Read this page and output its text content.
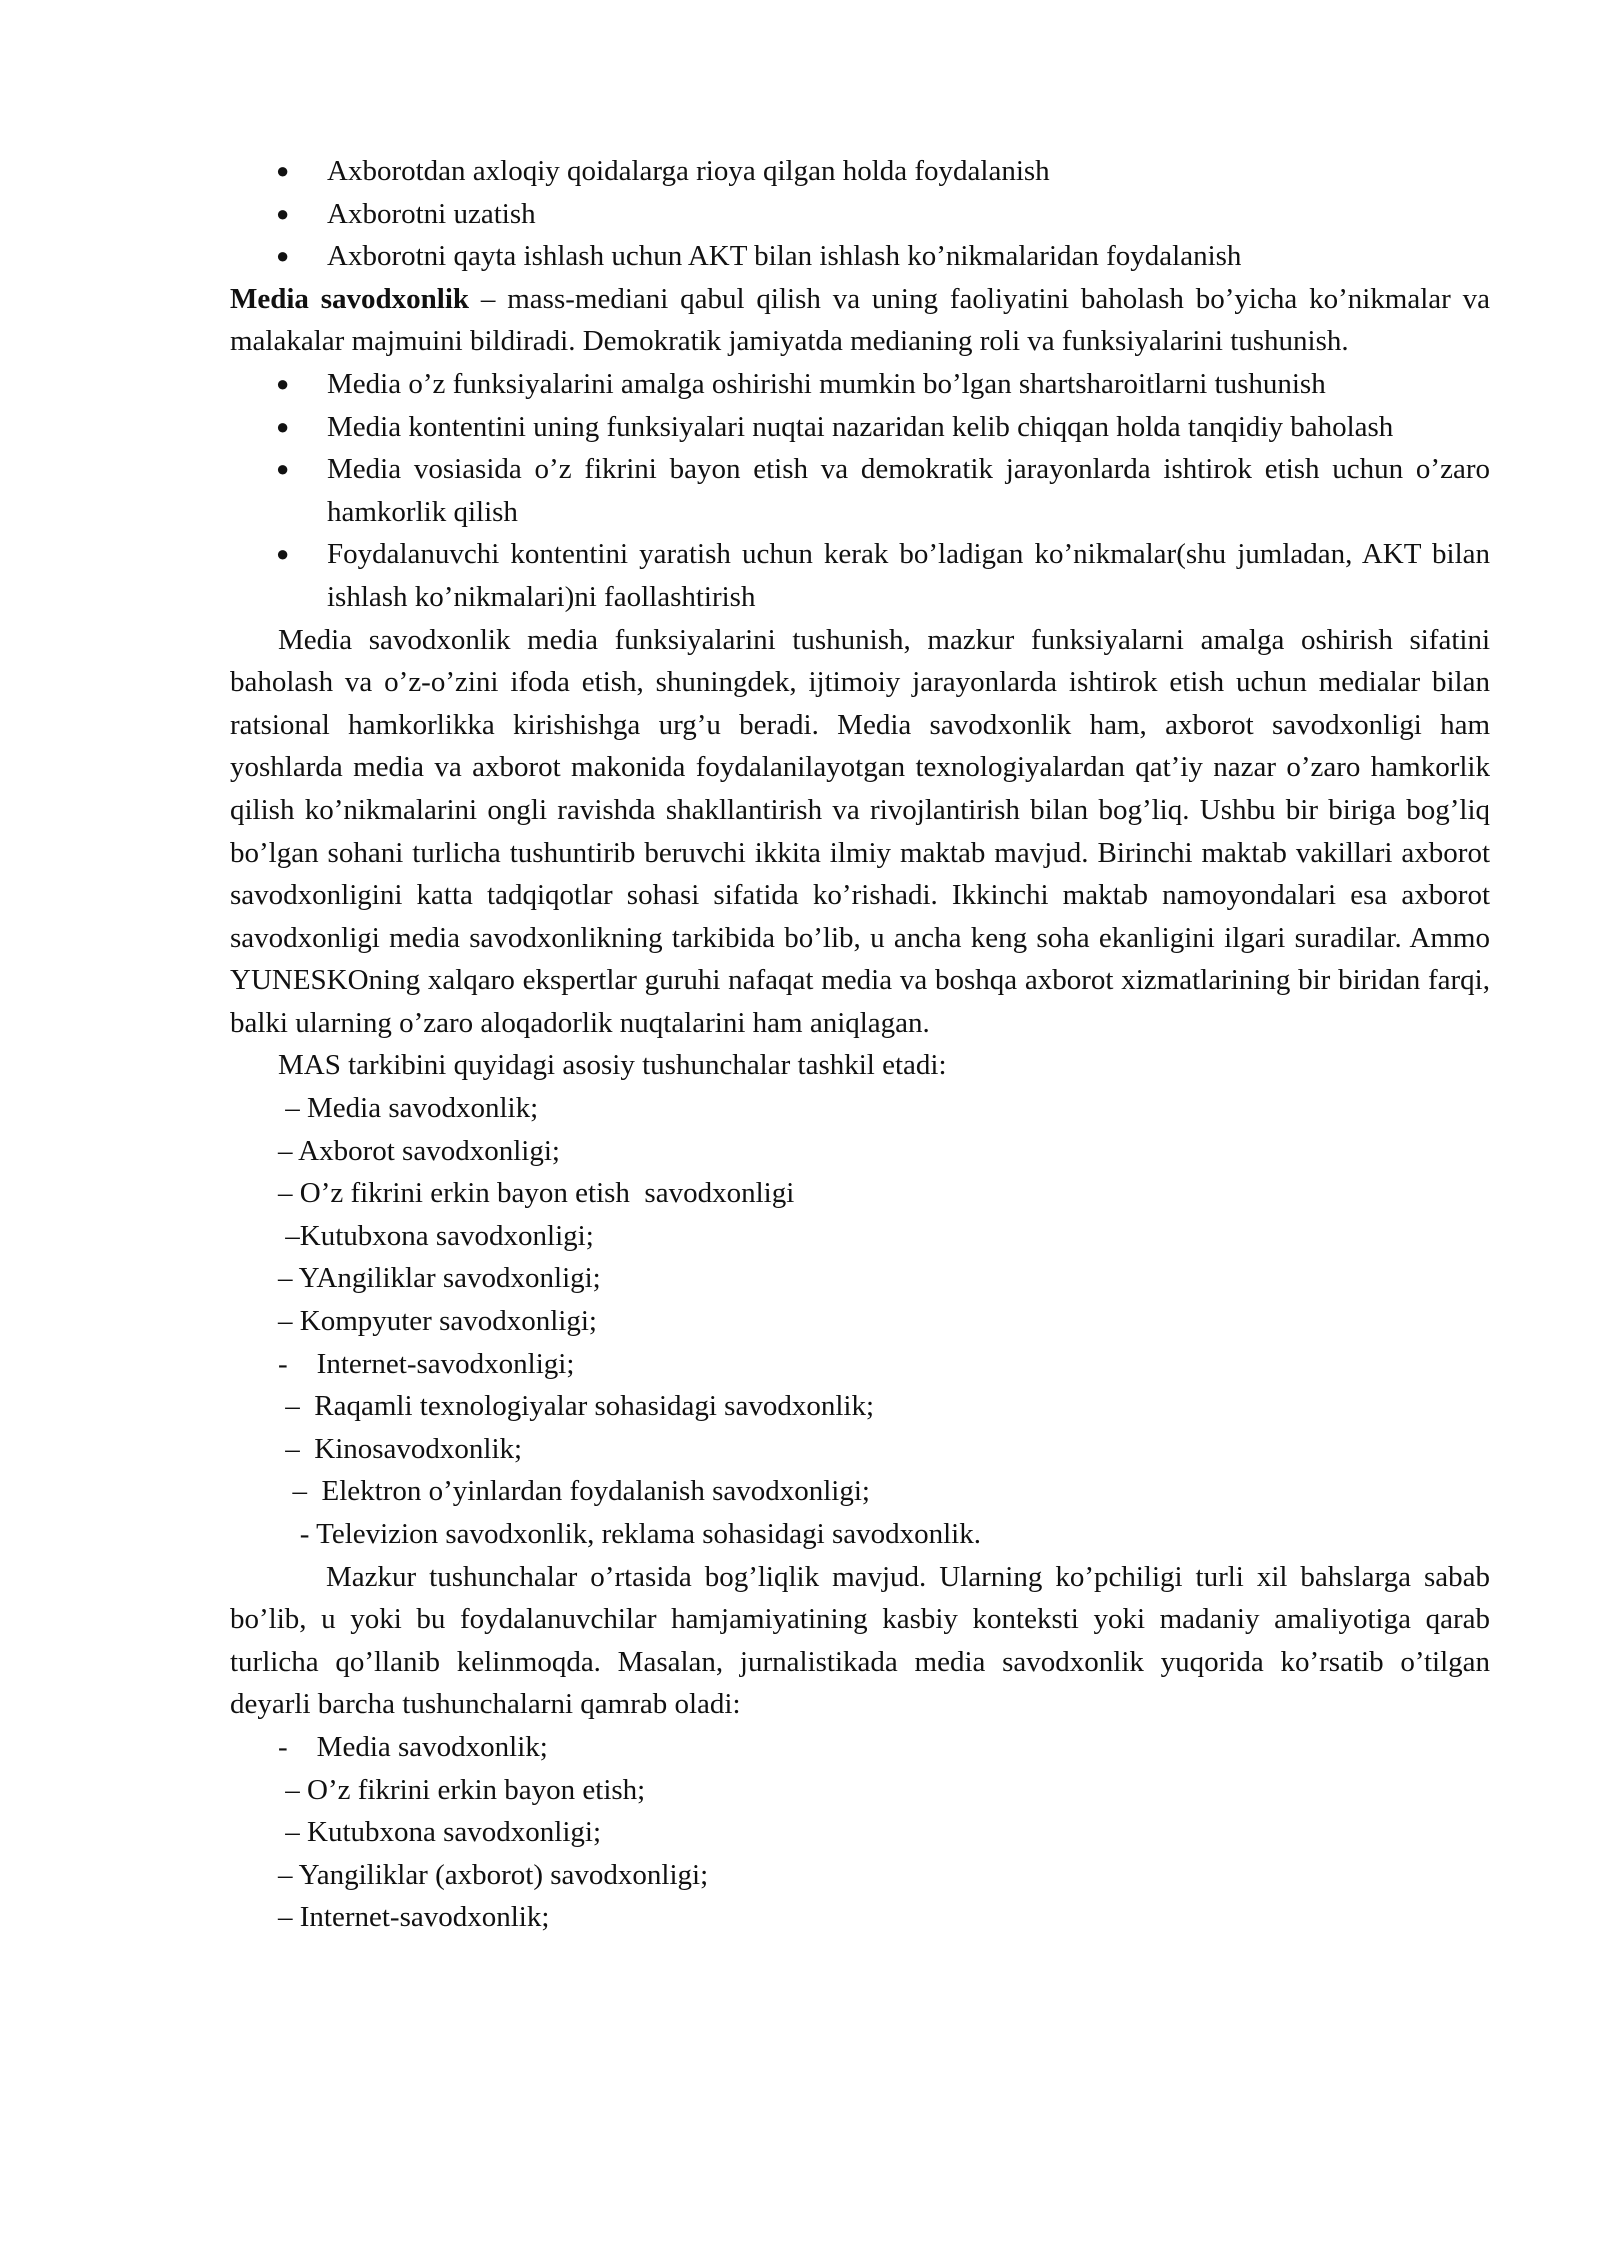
● Axborotdan axloqiy qoidalarga rioya qilgan holda foydalanish
● Axborotni uzatish
● Axborotni qayta ishlash uchun AKT bilan ishlash ko’nikmalaridan foydalanish

Media savodxonlik – mass-mediani qabul qilish va uning faoliyatini baholash bo’yicha ko’nikmalar va malakalar majmuini bildiradi. Demokratik jamiyatda medianing roli va funksiyalarini tushunish.

● Media o’z funksiyalarini amalga oshirishi mumkin bo’lgan shartsharoitlarni tushunish
● Media kontentini uning funksiyalari nuqtai nazaridan kelib chiqqan holda tanqidiy baholash
● Media vosiasida o’z fikrini bayon etish va demokratik jarayonlarda ishtirok etish uchun o’zaro hamkorlik qilish
● Foydalanuvchi kontentini yaratish uchun kerak bo’ladigan ko’nikmalar(shu jumladan, AKT bilan ishlash ko’nikmalari)ni faollashtirish

Media savodxonlik media funksiyalarini tushunish, mazkur funksiyalarni amalga oshirish sifatini baholash va o’z-o’zini ifoda etish, shuningdek, ijtimoiy jarayonlarda ishtirok etish uchun medialar bilan ratsional hamkorlikka kirishishga urg’u beradi. Media savodxonlik ham, axborot savodxonligi ham yoshlarda media va axborot makonida foydalanilayotgan texnologiyalardan qat’iy nazar o’zaro hamkorlik qilish ko’nikmalarini ongli ravishda shakllantirish va rivojlantirish bilan bog’liq. Ushbu bir biriga bog’liq bo’lgan sohani turlicha tushuntirib beruvchi ikkita ilmiy maktab mavjud. Birinchi maktab vakillari axborot savodxonligini katta tadqiqotlar sohasi sifatida ko’rishadi. Ikkinchi maktab namoyondalari esa axborot savodxonligi media savodxonlikning tarkibida bo’lib, u ancha keng soha ekanligini ilgari suradilar. Ammo YUNESKOning xalqaro ekspertlar guruhi nafaqat media va boshqa axborot xizmatlarining bir biridan farqi, balki ularning o’zaro aloqadorlik nuqtalarini ham aniqlagan.

MAS tarkibini quyidagi asosiy tushunchalar tashkil etadi:

– Media savodxonlik;
– Axborot savodxonligi;
– O’z fikrini erkin bayon etish  savodxonligi
–Kutubxona savodxonligi;
– YAngiliklar savodxonligi;
– Kompyuter savodxonligi;
-    Internet-savodxonligi;
–  Raqamli texnologiyalar sohasidagi savodxonlik;
–  Kinosavodxonlik;
–  Elektron o’yinlardan foydalanish savodxonligi;
- Televizion savodxonlik, reklama sohasidagi savodxonlik.

Mazkur tushunchalar o’rtasida bog’liqlik mavjud. Ularning ko’pchiligi turli xil bahslarga sabab bo’lib, u yoki bu foydalanuvchilar hamjamiyatining kasbiy konteksti yoki madaniy amaliyotiga qarab turlicha qo’llanib kelinmoqda. Masalan, jurnalistikada media savodxonlik yuqorida ko’rsatib o’tilgan deyarli barcha tushunchalarni qamrab oladi:

-    Media savodxonlik;
– O’z fikrini erkin bayon etish;
– Kutubxona savodxonligi;
– Yangiliklar (axborot) savodxonligi;
– Internet-savodxonlik;
